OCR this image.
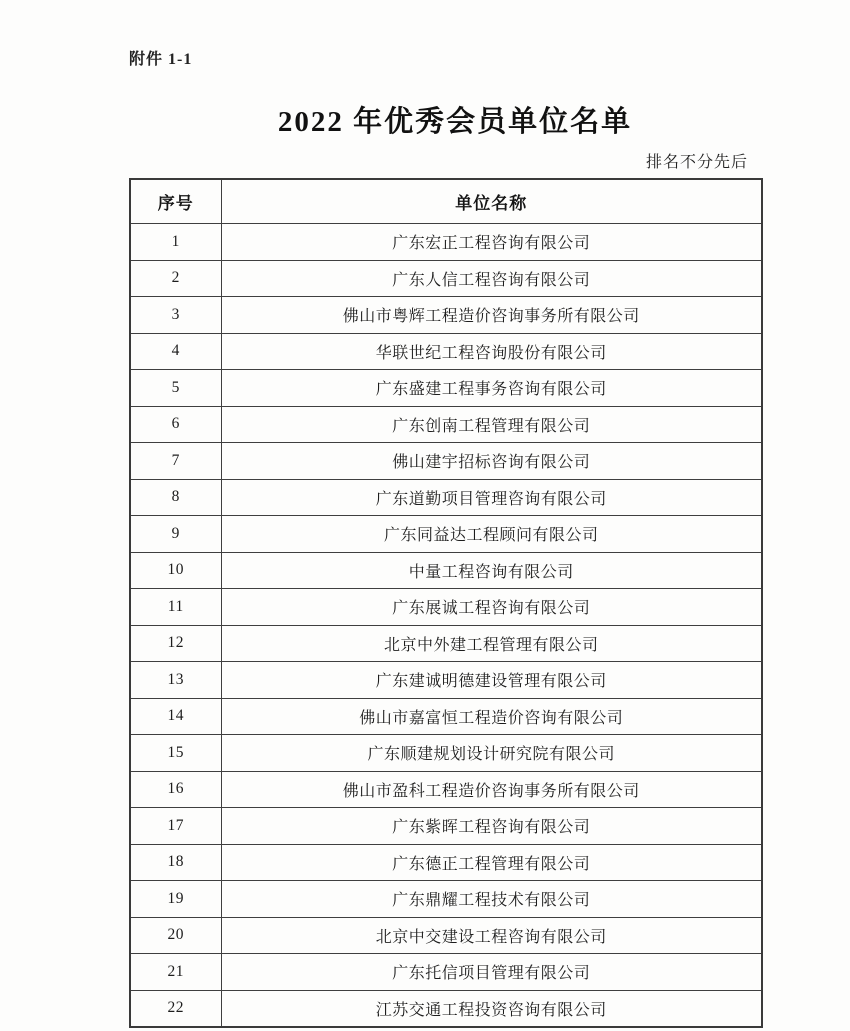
附件 1-1
2022 年优秀会员单位名单
排名不分先后
序号	单位名称
1	广东宏正工程咨询有限公司
2	广东人信工程咨询有限公司
3	佛山市粤辉工程造价咨询事务所有限公司
4	华联世纪工程咨询股份有限公司
5	广东盛建工程事务咨询有限公司
6	广东创南工程管理有限公司
7	佛山建宇招标咨询有限公司
8	广东道勤项目管理咨询有限公司
9	广东同益达工程顾问有限公司
10	中量工程咨询有限公司
11	广东展诚工程咨询有限公司
12	北京中外建工程管理有限公司
13	广东建诚明德建设管理有限公司
14	佛山市嘉富恒工程造价咨询有限公司
15	广东顺建规划设计研究院有限公司
16	佛山市盈科工程造价咨询事务所有限公司
17	广东紫晖工程咨询有限公司
18	广东德正工程管理有限公司
19	广东鼎耀工程技术有限公司
20	北京中交建设工程咨询有限公司
21	广东托信项目管理有限公司
22	江苏交通工程投资咨询有限公司
